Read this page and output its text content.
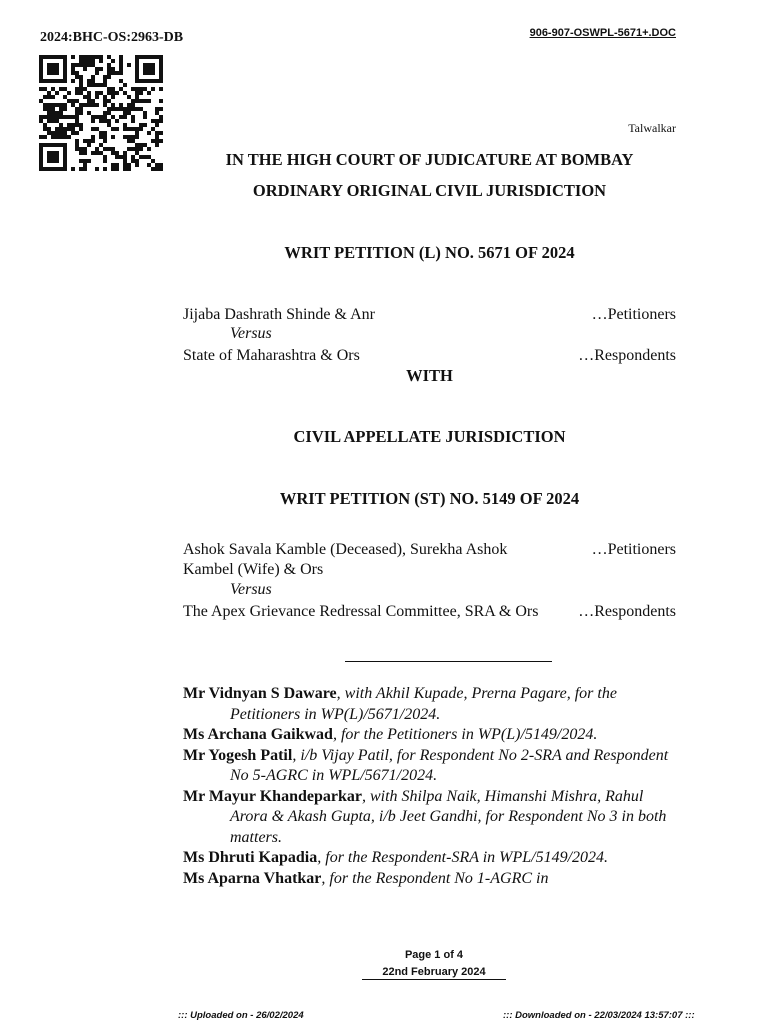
2024:BHC-OS:2963-DB	906-907-OSWPL-5671+.DOC
Talwalkar
IN THE HIGH COURT OF JUDICATURE AT BOMBAY
ORDINARY ORIGINAL CIVIL JURISDICTION
WRIT PETITION (L) NO. 5671 OF 2024
Jijaba Dashrath Shinde & Anr	…Petitioners
Versus
State of Maharashtra & Ors	…Respondents
WITH
CIVIL APPELLATE JURISDICTION
WRIT PETITION (ST) NO. 5149 OF 2024
Ashok Savala Kamble (Deceased), Surekha Ashok Kambel (Wife) & Ors
…Petitioners
Versus
The Apex Grievance Redressal Committee, SRA & Ors	…Respondents

Mr Vidnyan S Daware, with Akhil Kupade, Prerna Pagare, for the Petitioners in WP(L)/5671/2024.

Ms Archana Gaikwad, for the Petitioners in WP(L)/5149/2024.

Mr Yogesh Patil, i/b Vijay Patil, for Respondent No 2-SRA and Respondent No 5-AGRC in WPL/5671/2024.

Mr Mayur Khandeparkar, with Shilpa Naik, Himanshi Mishra, Rahul Arora & Akash Gupta, i/b Jeet Gandhi, for Respondent No 3 in both matters.

Ms Dhruti Kapadia, for the Respondent-SRA in WPL/5149/2024.

Ms Aparna Vhatkar, for the Respondent No 1-AGRC in

Page 1 of 4
22nd February 2024
::: Uploaded on - 26/02/2024	::: Downloaded on - 22/03/2024 13:57:07 :::
